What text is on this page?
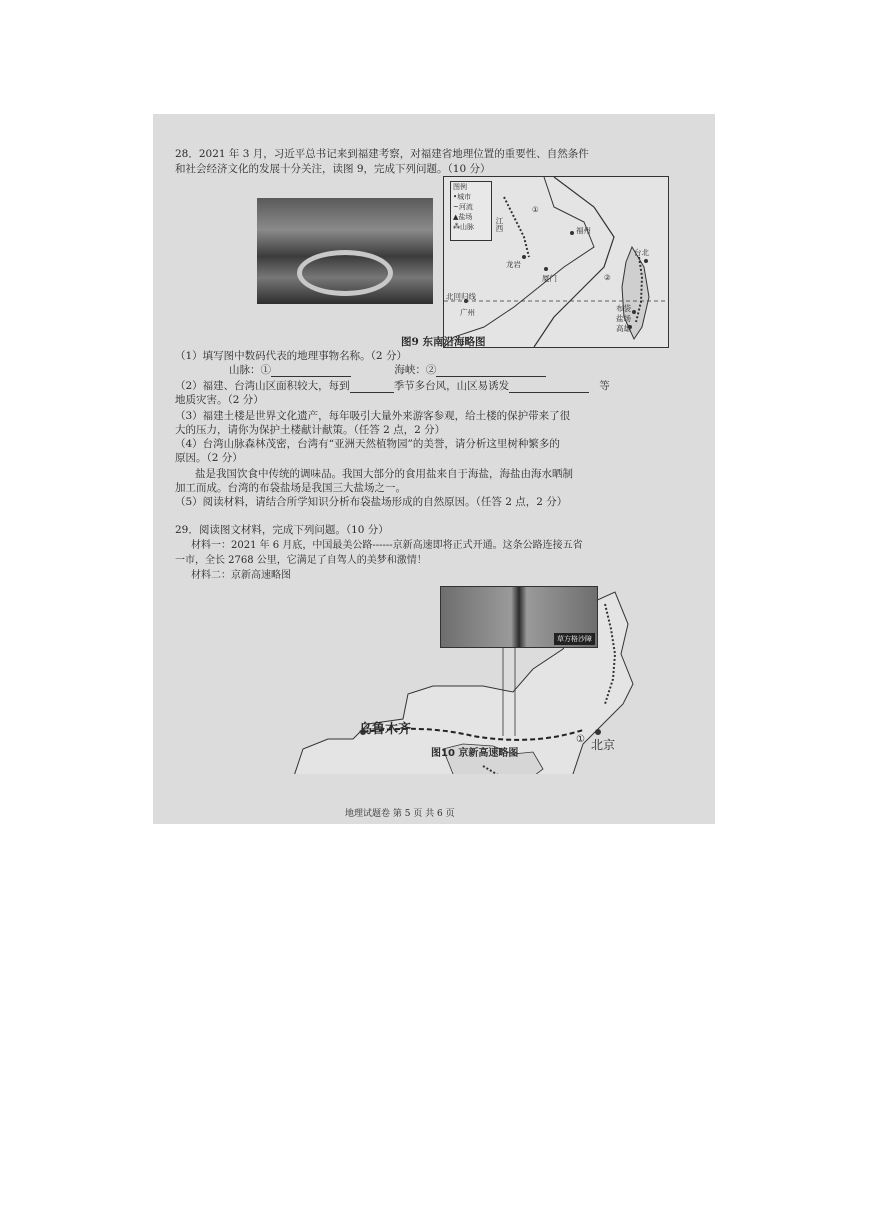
28．2021 年 3 月，习近平总书记来到福建考察，对福建省地理位置的重要性、自然条件
和社会经济文化的发展十分关注，读图 9，完成下列问题。（10 分）
图例
•城市
~河流
▲盐场
⁂山脉	江西
①
福州
龙岩
厦门	②
台北
布袋
盐场
高雄
北回归线
广州
图9 东南沿海略图
（1）填写图中数码代表的地理事物名称。（2 分）
山脉：①	海峡：②
（2）福建、台湾山区面积较大，每到	季节多台风，山区易诱发	等
地质灾害。（2 分）
（3）福建土楼是世界文化遗产，每年吸引大量外来游客参观，给土楼的保护带来了很
大的压力，请你为保护土楼献计献策。（任答 2 点，2 分）
（4）台湾山脉森林茂密，台湾有“亚洲天然植物园”的美誉，请分析这里树种繁多的
原因。（2 分）
盐是我国饮食中传统的调味品。我国大部分的食用盐来自于海盐，海盐由海水晒制
加工而成。台湾的布袋盐场是我国三大盐场之一。
（5）阅读材料，请结合所学知识分析布袋盐场形成的自然原因。（任答 2 点，2 分）
29．阅读图文材料，完成下列问题。（10 分）
材料一：2021 年 6 月底，中国最美公路------京新高速即将正式开通。这条公路连接五省
一市，全长 2768 公里，它满足了自驾人的美梦和激情！
材料二：京新高速略图
草方格沙障
乌鲁木齐
① 北京
图10 京新高速略图
地理试题卷 第 5 页 共 6 页
